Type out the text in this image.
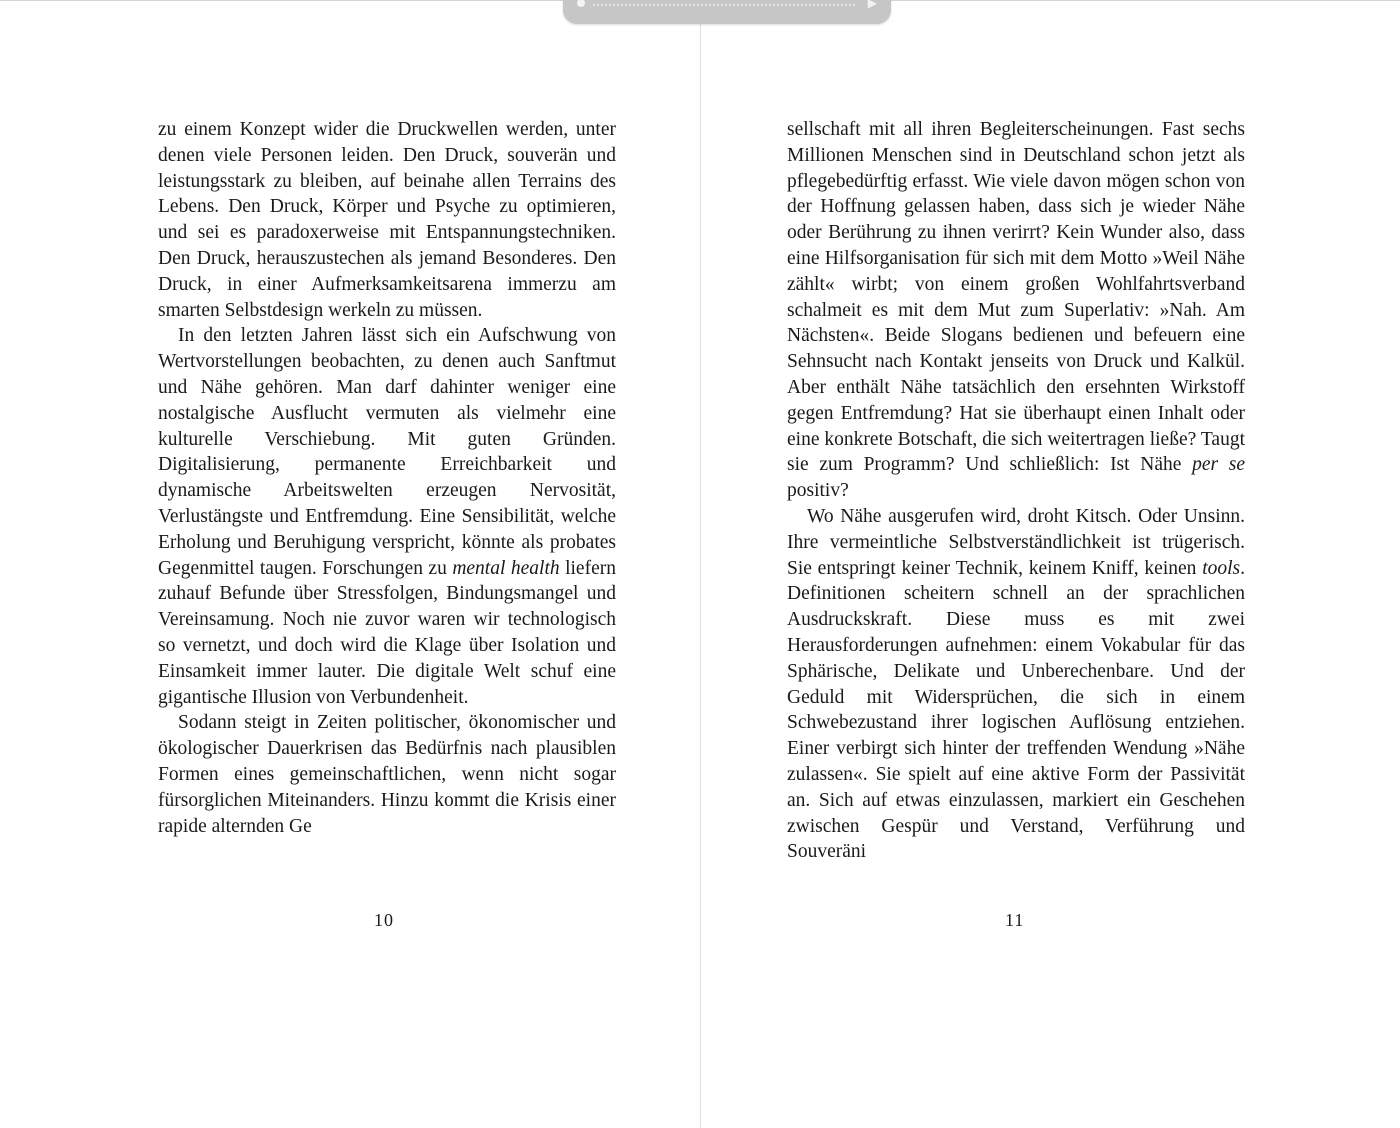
▶

zu einem Konzept wider die Druckwellen werden, unter denen viele Personen leiden. Den Druck, souverän und leistungsstark zu bleiben, auf beinahe allen Terrains des Lebens. Den Druck, Körper und Psyche zu optimieren, und sei es paradoxerweise mit Entspannungstechniken. Den Druck, herauszustechen als jemand Besonderes. Den Druck, in einer Aufmerksamkeitsarena immerzu am smarten Selbstdesign werkeln zu müssen.

In den letzten Jahren lässt sich ein Aufschwung von Wertvorstellungen beobachten, zu denen auch Sanftmut und Nähe gehören. Man darf dahinter weniger eine nostalgische Ausflucht vermuten als vielmehr eine kulturelle Verschiebung. Mit guten Gründen. Digitalisierung, permanente Erreichbarkeit und dynamische Arbeitswelten erzeugen Nervosität, Verlustängste und Entfremdung. Eine Sensibilität, welche Erholung und Beruhigung verspricht, könnte als probates Gegenmittel taugen. Forschungen zu mental health liefern zuhauf Befunde über Stressfolgen, Bindungsmangel und Vereinsamung. Noch nie zuvor waren wir technologisch so vernetzt, und doch wird die Klage über Isolation und Einsamkeit immer lauter. Die digitale Welt schuf eine gigantische Illusion von Verbundenheit.

Sodann steigt in Zeiten politischer, ökonomischer und ökologischer Dauerkrisen das Bedürfnis nach plausiblen Formen eines gemeinschaftlichen, wenn nicht sogar fürsorglichen Miteinanders. Hinzu kommt die Krisis einer rapide alternden Ge

10

sellschaft mit all ihren Begleiterscheinungen. Fast sechs Millionen Menschen sind in Deutschland schon jetzt als pflegebedürftig erfasst. Wie viele davon mögen schon von der Hoffnung gelassen haben, dass sich je wieder Nähe oder Berührung zu ihnen verirrt? Kein Wunder also, dass eine Hilfsorganisation für sich mit dem Motto »Weil Nähe zählt« wirbt; von einem großen Wohlfahrtsverband schalmeit es mit dem Mut zum Superlativ: »Nah. Am Nächsten«. Beide Slogans bedienen und befeuern eine Sehnsucht nach Kontakt jenseits von Druck und Kalkül. Aber enthält Nähe tatsächlich den ersehnten Wirkstoff gegen Entfremdung? Hat sie überhaupt einen Inhalt oder eine konkrete Botschaft, die sich weitertragen ließe? Taugt sie zum Programm? Und schließlich: Ist Nähe per se positiv?

Wo Nähe ausgerufen wird, droht Kitsch. Oder Unsinn. Ihre vermeintliche Selbstverständlichkeit ist trügerisch. Sie entspringt keiner Technik, keinem Kniff, keinen tools. Definitionen scheitern schnell an der sprachlichen Ausdruckskraft. Diese muss es mit zwei Herausforderungen aufnehmen: einem Vokabular für das Sphärische, Delikate und Unberechenbare. Und der Geduld mit Widersprüchen, die sich in einem Schwebezustand ihrer logischen Auflösung entziehen. Einer verbirgt sich hinter der treffenden Wendung »Nähe zulassen«. Sie spielt auf eine aktive Form der Passivität an. Sich auf etwas einzulassen, markiert ein Geschehen zwischen Gespür und Verstand, Verführung und Souveräni

11
